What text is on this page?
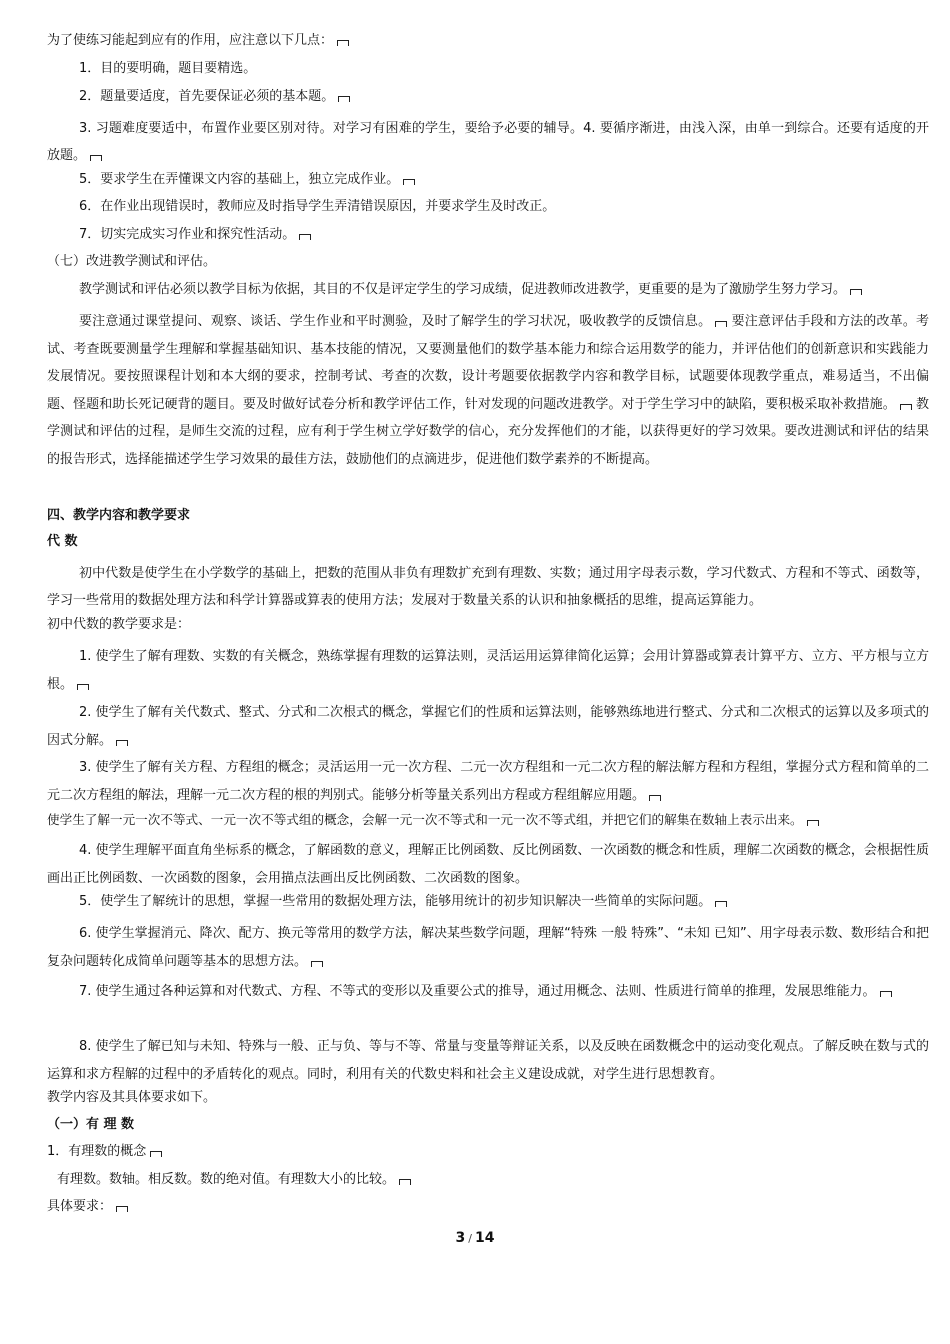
为了使练习能起到应有的作用，应注意以下几点：
1．目的要明确，题目要精选。
2．题量要适度，首先要保证必须的基本题。
3. 习题难度要适中，布置作业要区别对待。对学习有困难的学生，要给予必要的辅导。4. 要循序渐进，由浅入深，由单一到综合。还要有适度的开放题。
5．要求学生在弄懂课文内容的基础上，独立完成作业。
6．在作业出现错误时，教师应及时指导学生弄清错误原因，并要求学生及时改正。
7．切实完成实习作业和探究性活动。
（七）改进教学测试和评估。
教学测试和评估必须以教学目标为依据，其目的不仅是评定学生的学习成绩，促进教师改进教学，更重要的是为了激励学生努力学习。
要注意通过课堂提问、观察、谈话、学生作业和平时测验，及时了解学生的学习状况，吸收教学的反馈信息。 要注意评估手段和方法的改革。考试、考查既要测量学生理解和掌握基础知识、基本技能的情况，又要测量他们的数学基本能力和综合运用数学的能力，并评估他们的创新意识和实践能力发展情况。要按照课程计划和本大纲的要求，控制考试、考查的次数，设计考题要依据教学内容和教学目标，试题要体现教学重点，难易适当，不出偏题、怪题和助长死记硬背的题目。要及时做好试卷分析和教学评估工作，针对发现的问题改进教学。对于学生学习中的缺陷，要积极采取补救措施。 教学测试和评估的过程，是师生交流的过程，应有利于学生树立学好数学的信心，充分发挥他们的才能，以获得更好的学习效果。要改进测试和评估的结果的报告形式，选择能描述学生学习效果的最佳方法，鼓励他们的点滴进步，促进他们数学素养的不断提高。
四、教学内容和教学要求
代 数
初中代数是使学生在小学数学的基础上，把数的范围从非负有理数扩充到有理数、实数；通过用字母表示数，学习代数式、方程和不等式、函数等，学习一些常用的数据处理方法和科学计算器或算表的使用方法；发展对于数量关系的认识和抽象概括的思维，提高运算能力。
初中代数的教学要求是：
1. 使学生了解有理数、实数的有关概念，熟练掌握有理数的运算法则，灵活运用运算律简化运算；会用计算器或算表计算平方、立方、平方根与立方根。
2. 使学生了解有关代数式、整式、分式和二次根式的概念，掌握它们的性质和运算法则，能够熟练地进行整式、分式和二次根式的运算以及多项式的因式分解。
3. 使学生了解有关方程、方程组的概念；灵活运用一元一次方程、二元一次方程组和一元二次方程的解法解方程和方程组，掌握分式方程和简单的二元二次方程组的解法，理解一元二次方程的根的判别式。能够分析等量关系列出方程或方程组解应用题。
使学生了解一元一次不等式、一元一次不等式组的概念，会解一元一次不等式和一元一次不等式组，并把它们的解集在数轴上表示出来。
4. 使学生理解平面直角坐标系的概念，了解函数的意义，理解正比例函数、反比例函数、一次函数的概念和性质，理解二次函数的概念，会根据性质画出正比例函数、一次函数的图象，会用描点法画出反比例函数、二次函数的图象。
5．使学生了解统计的思想，掌握一些常用的数据处理方法，能够用统计的初步知识解决一些简单的实际问题。
6. 使学生掌握消元、降次、配方、换元等常用的数学方法，解决某些数学问题，理解“特殊 一般 特殊”、“未知 已知”、用字母表示数、数形结合和把复杂问题转化成简单问题等基本的思想方法。
7. 使学生通过各种运算和对代数式、方程、不等式的变形以及重要公式的推导，通过用概念、法则、性质进行简单的推理，发展思维能力。
8. 使学生了解已知与未知、特殊与一般、正与负、等与不等、常量与变量等辩证关系，以及反映在函数概念中的运动变化观点。了解反映在数与式的运算和求方程解的过程中的矛盾转化的观点。同时，利用有关的代数史料和社会主义建设成就，对学生进行思想教育。
教学内容及其具体要求如下。
（一）有 理 数
1．有理数的概念
有理数。数轴。相反数。数的绝对值。有理数大小的比较。
具体要求：
3 / 14
